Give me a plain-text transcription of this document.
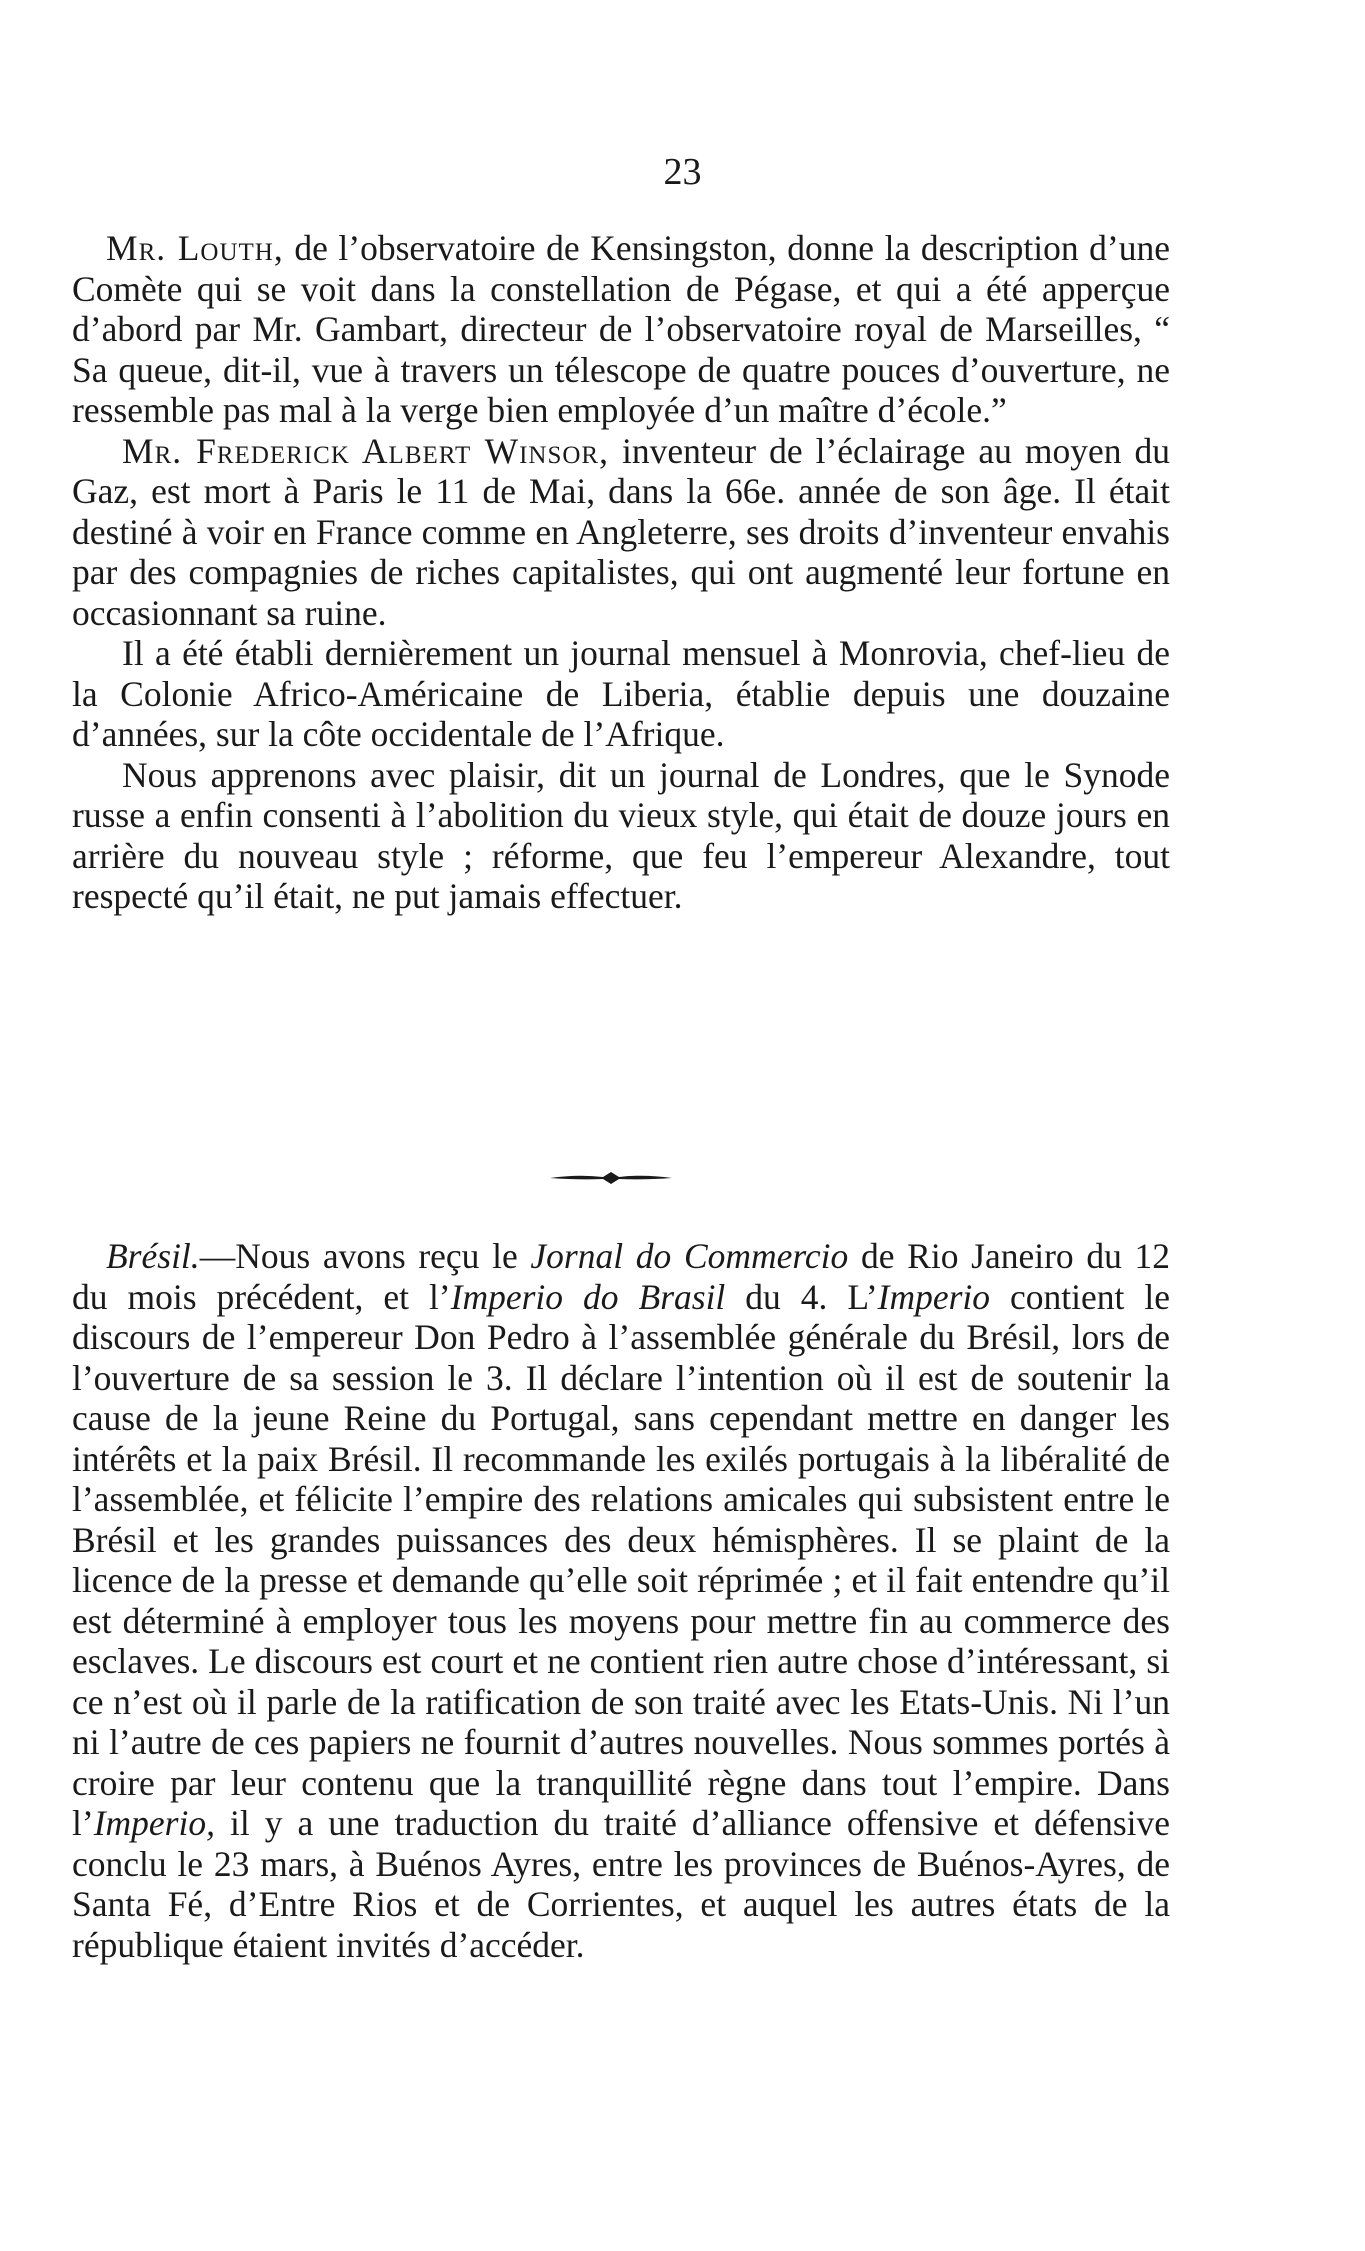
23

Mr. Louth, de l’observatoire de Kensingston, donne la description d’une Comète qui se voit dans la constellation de Pégase, et qui a été apperçue d’abord par Mr. Gambart, directeur de l’observatoire royal de Marseilles, “ Sa queue, dit-il, vue à travers un télescope de quatre pouces d’ouverture, ne ressemble pas mal à la verge bien employée d’un maître d’école.”

Mr. Frederick Albert Winsor, inventeur de l’éclairage au moyen du Gaz, est mort à Paris le 11 de Mai, dans la 66e. année de son âge. Il était destiné à voir en France comme en Angleterre, ses droits d’inventeur envahis par des compagnies de riches capitalistes, qui ont augmenté leur fortune en occasionnant sa ruine.

Il a été établi dernièrement un journal mensuel à Monrovia, chef-lieu de la Colonie Africo-Américaine de Liberia, établie depuis une douzaine d’années, sur la côte occidentale de l’Afrique.

Nous apprenons avec plaisir, dit un journal de Londres, que le Synode russe a enfin consenti à l’abolition du vieux style, qui était de douze jours en arrière du nouveau style ; réforme, que feu l’empereur Alexandre, tout respecté qu’il était, ne put jamais effectuer.

Brésil.—Nous avons reçu le Jornal do Commercio de Rio Janeiro du 12 du mois précédent, et l’Imperio do Brasil du 4. L’Imperio contient le discours de l’empereur Don Pedro à l’assemblée générale du Brésil, lors de l’ouverture de sa session le 3. Il déclare l’intention où il est de soutenir la cause de la jeune Reine du Portugal, sans cependant mettre en danger les intérêts et la paix Brésil. Il recommande les exilés portugais à la libéralité de l’assemblée, et félicite l’empire des relations amicales qui subsistent entre le Brésil et les grandes puissances des deux hémisphères. Il se plaint de la licence de la presse et demande qu’elle soit réprimée ; et il fait entendre qu’il est déterminé à employer tous les moyens pour mettre fin au commerce des esclaves. Le discours est court et ne contient rien autre chose d’intéressant, si ce n’est où il parle de la ratification de son traité avec les Etats-Unis. Ni l’un ni l’autre de ces papiers ne fournit d’autres nouvelles. Nous sommes portés à croire par leur contenu que la tranquillité règne dans tout l’empire. Dans l’Imperio, il y a une traduction du traité d’alliance offensive et défensive conclu le 23 mars, à Buénos Ayres, entre les provinces de Buénos-Ayres, de Santa Fé, d’Entre Rios et de Corrientes, et auquel les autres états de la république étaient invités d’accéder.
